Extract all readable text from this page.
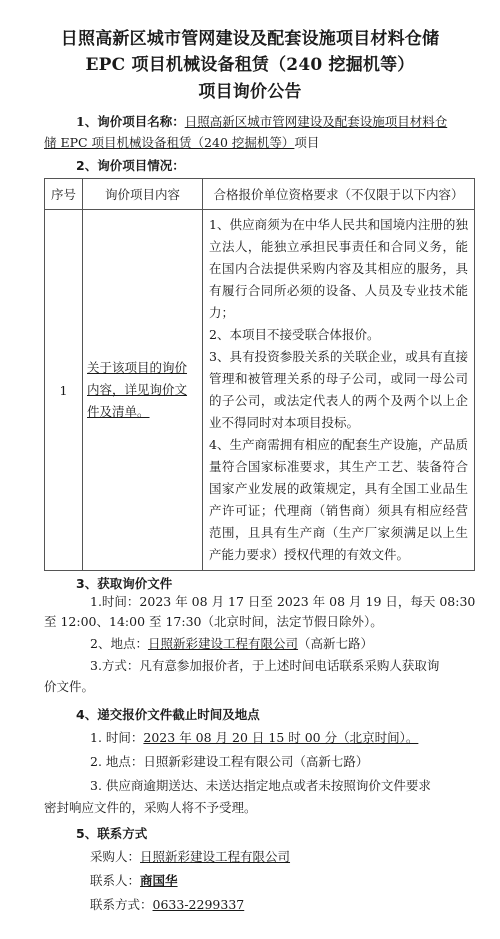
日照高新区城市管网建设及配套设施项目材料仓储
EPC 项目机械设备租赁（240 挖掘机等）
项目询价公告
1、询价项目名称：日照高新区城市管网建设及配套设施项目材料仓
储 EPC 项目机械设备租赁（240 挖掘机等）项目
2、询价项目情况：
序号	询价项目内容	合格报价单位资格要求（不仅限于以下内容）
1	关于该项目的询价内容，详见询价文件及清单。	1、供应商须为在中华人民共和国境内注册的独立法人，能独立承担民事责任和合同义务，能在国内合法提供采购内容及其相应的服务，具有履行合同所必须的设备、人员及专业技术能力；

2、本项目不接受联合体报价。

3、具有投资参股关系的关联企业，或具有直接管理和被管理关系的母子公司，或同一母公司的子公司，或法定代表人的两个及两个以上企业不得同时对本项目投标。

4、生产商需拥有相应的配套生产设施，产品质量符合国家标准要求，其生产工艺、装备符合国家产业发展的政策规定，具有全国工业品生产许可证；代理商（销售商）须具有相应经营范围，且具有生产商（生产厂家须满足以上生产能力要求）授权代理的有效文件。

3、获取询价文件
1.时间：2023 年 08 月 17 日至 2023 年 08 月 19 日，每天 08:30
至 12:00、14:00 至 17:30（北京时间，法定节假日除外）。
2、地点：日照新彩建设工程有限公司（高新七路）
3.方式：凡有意参加报价者，于上述时间电话联系采购人获取询
价文件。
4、递交报价文件截止时间及地点
1. 时间：2023 年 08 月 20 日 15 时 00 分（北京时间）。
2. 地点：日照新彩建设工程有限公司（高新七路）
3. 供应商逾期送达、未送达指定地点或者未按照询价文件要求
密封响应文件的，采购人将不予受理。
5、联系方式
采购人：日照新彩建设工程有限公司
联系人：商国华
联系方式：0633-2299337
